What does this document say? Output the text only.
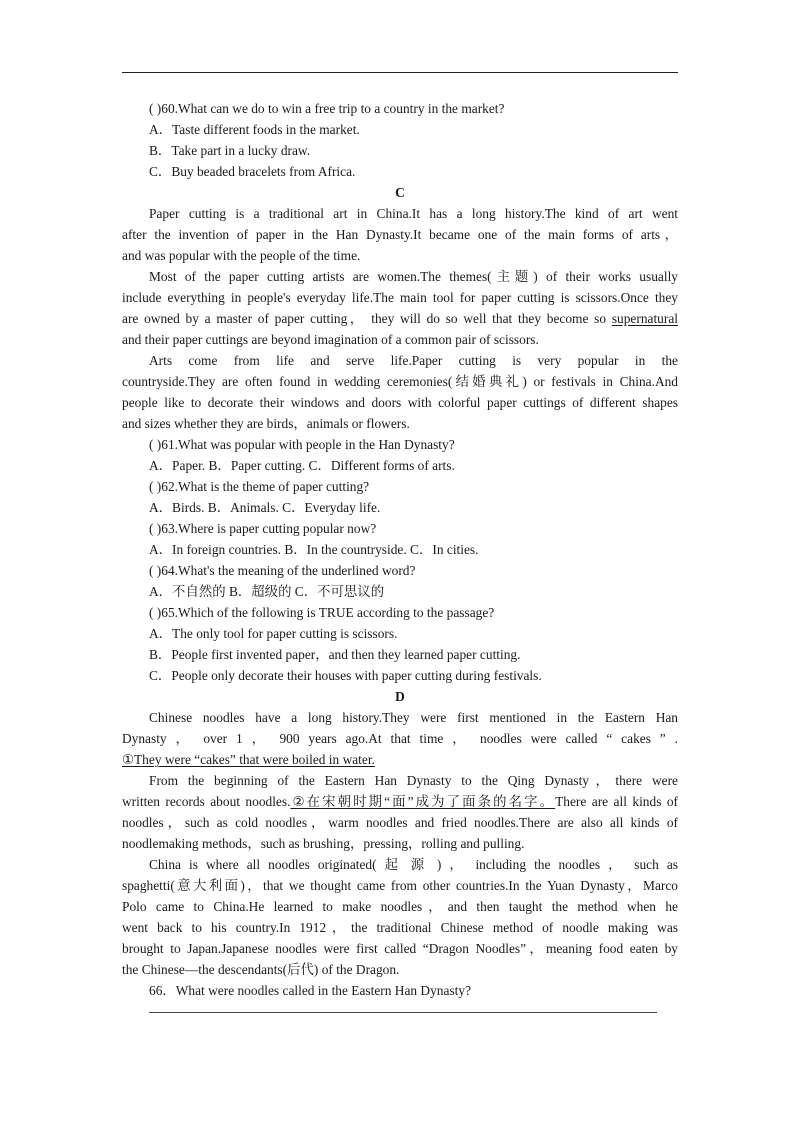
( )60.What can we do to win a free trip to a country in the market?
A．Taste different foods in the market.
B．Take part in a lucky draw.
C．Buy beaded bracelets from Africa.
C
Paper cutting is a traditional art in China.It has a long history.The kind of art went
after the invention of paper in the Han Dynasty.It became one of the main forms of arts，
and was popular with the people of the time.
Most of the paper cutting artists are women.The themes(主题) of their works usually
include everything in people's everyday life.The main tool for paper cutting is scissors.Once they
are owned by a master of paper cutting， they will do so well that they become so supernatural
and their paper cuttings are beyond imagination of a common pair of scissors.
Arts come from life and serve life.Paper cutting is very popular in the
countryside.They are often found in wedding ceremonies(结婚典礼) or festivals in China.And
people like to decorate their windows and doors with colorful paper cuttings of different shapes
and sizes whether they are birds，animals or flowers.
( )61.What was popular with people in the Han Dynasty?
A．Paper. B．Paper cutting. C．Different forms of arts.
( )62.What is the theme of paper cutting?
A．Birds. B．Animals. C．Everyday life.
( )63.Where is paper cutting popular now?
A．In foreign countries. B．In the countryside. C．In cities.
( )64.What's the meaning of the underlined word?
A．不自然的 B．超级的 C．不可思议的
( )65.Which of the following is TRUE according to the passage?
A．The only tool for paper cutting is scissors.
B．People first invented paper，and then they learned paper cutting.
C．People only decorate their houses with paper cutting during festivals.
D
Chinese noodles have a long history.They were first mentioned in the Eastern Han
Dynasty ， over 1 ， 900 years ago.At that time ， noodles were called “ cakes ” .
①They were “cakes” that were boiled in water.
From the beginning of the Eastern Han Dynasty to the Qing Dynasty，there were
written records about noodles.②在宋朝时期“面”成为了面条的名字。There are all kinds of
noodles，such as cold noodles，warm noodles and fried noodles.There are also all kinds of
noodlemaking methods，such as brushing，pressing，rolling and pulling.
China is where all noodles originated( 起 源 ) ， including the noodles ， such as
spaghetti(意大利面)，that we thought came from other countries.In the Yuan Dynasty，Marco
Polo came to China.He learned to make noodles，and then taught the method when he
went back to his country.In 1912，the traditional Chinese method of noodle making was
brought to Japan.Japanese noodles were first called “Dragon Noodles”，meaning food eaten by
the Chinese—the descendants(后代) of the Dragon.
66．What were noodles called in the Eastern Han Dynasty?
